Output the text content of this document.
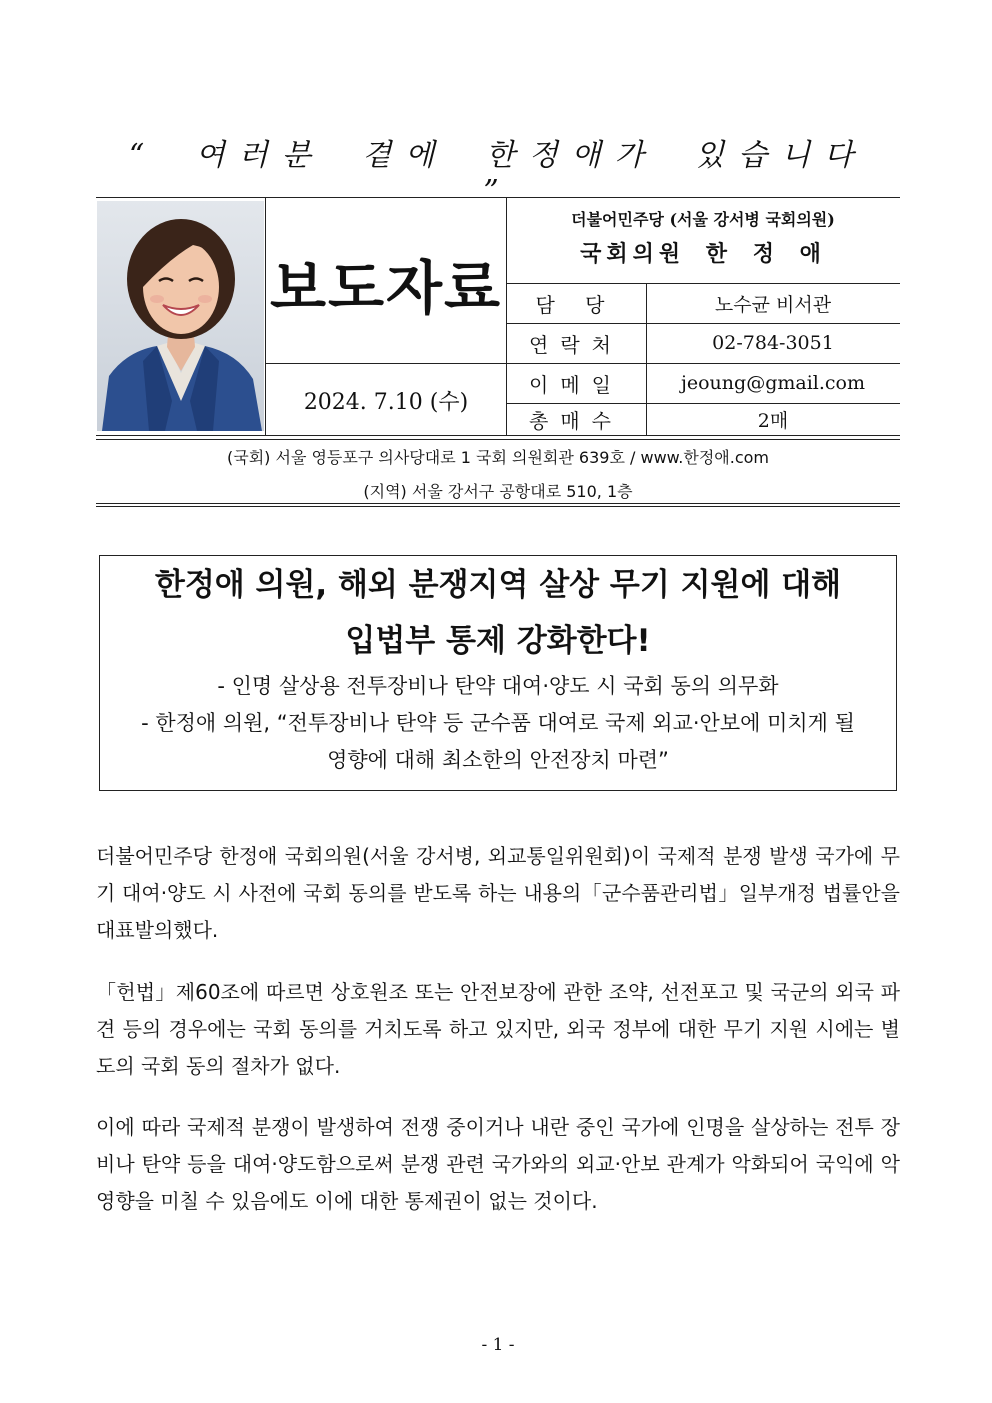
“ 여러분 곁에 한정애가 있습니다 ”
보도자료
2024. 7.10 (수)
더불어민주당 (서울 강서병 국회의원)
국회의원 한 정 애
담 당	노수균 비서관
연락처	02-784-3051
이메일	jeoung@gmail.com
총매수	2매
(국회) 서울 영등포구 의사당대로 1 국회 의원회관 639호 / www.한정애.com
(지역) 서울 강서구 공항대로 510, 1층
한정애 의원, 해외 분쟁지역 살상 무기 지원에 대해
입법부 통제 강화한다!
- 인명 살상용 전투장비나 탄약 대여·양도 시 국회 동의 의무화
- 한정애 의원, “전투장비나 탄약 등 군수품 대여로 국제 외교·안보에 미치게 될
영향에 대해 최소한의 안전장치 마련”

더불어민주당 한정애 국회의원(서울 강서병, 외교통일위원회)이 국제적 분쟁 발생 국가에 무기 대여·양도 시 사전에 국회 동의를 받도록 하는 내용의「군수품관리법」일부개정 법률안을 대표발의했다.

「헌법」제60조에 따르면 상호원조 또는 안전보장에 관한 조약, 선전포고 및 국군의 외국 파견 등의 경우에는 국회 동의를 거치도록 하고 있지만, 외국 정부에 대한 무기 지원 시에는 별도의 국회 동의 절차가 없다.

이에 따라 국제적 분쟁이 발생하여 전쟁 중이거나 내란 중인 국가에 인명을 살상하는 전투 장비나 탄약 등을 대여·양도함으로써 분쟁 관련 국가와의 외교·안보 관계가 악화되어 국익에 악영향을 미칠 수 있음에도 이에 대한 통제권이 없는 것이다.

- 1 -
